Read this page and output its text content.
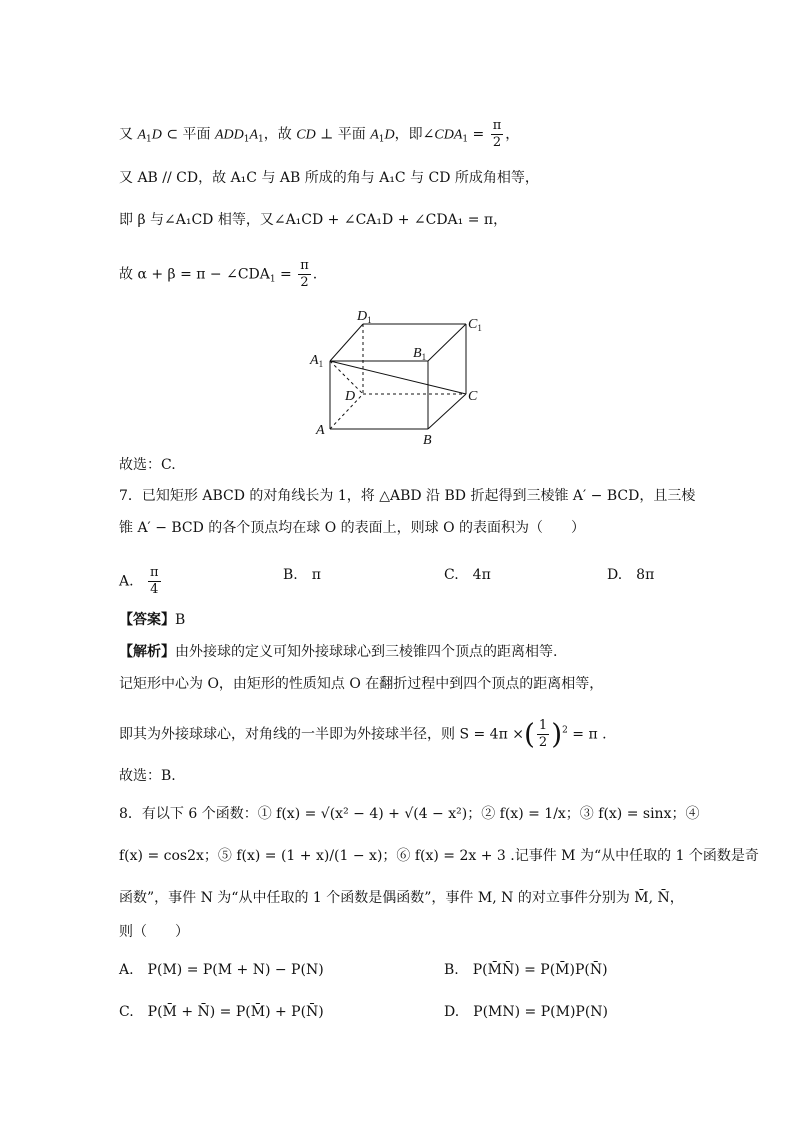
又 $A_1D$ ⊂ 平面 $ADD_1A_1$，故 CD ⊥ 平面 $A_1D$，即$\angle CDA_1 = \frac{\pi}{2}$ ，
又 AB // CD，故 A₁C 与 AB 所成的角与 A₁C 与 CD 所成角相等，
即 β 与∠A₁CD 相等，又∠A₁CD + ∠CA₁D + ∠CDA₁ = π，
故 $\alpha + \beta = \pi - \angle CDA_1 = \frac{\pi}{2}$ .
$D_1$	$C_1$
$B_1$
$A_1$
D	C
A
B
故选：C.
7．已知矩形 ABCD 的对角线长为 1，将 △ABD 沿 BD 折起得到三棱锥 A′ − BCD，且三棱
锥 A′ − BCD 的各个顶点均在球 O 的表面上，则球 O 的表面积为（　　）
A. $\frac{\pi}{4}$	B.　π	C.　4π	D.　8π
【答案】B
【解析】由外接球的定义可知外接球球心到三棱锥四个顶点的距离相等.
记矩形中心为 O，由矩形的性质知点 O 在翻折过程中到四个顶点的距离相等，
即其为外接球球心，对角线的一半即为外接球半径，则 S = 4π ×( $\frac{1}{2} )^2 = \pi$ .
故选：B.
8．有以下 6 个函数：① f(x) = √(x² − 4) + √(4 − x²)；② f(x) = 1/x；③ f(x) = sinx；④
f(x) = cos2x；⑤ f(x) = (1 + x)/(1 − x)；⑥ f(x) = 2x + 3 .记事件 M 为“从中任取的 1 个函数是奇
函数”，事件 N 为“从中任取的 1 个函数是偶函数”，事件 M, N 的对立事件分别为 M̄, N̄，
则（　　）
A.　P(M) = P(M + N) − P(N)	B.　P(M̄N̄) = P(M̄)P(N̄)
C.　P(M̄ + N̄) = P(M̄) + P(N̄)	D.　P(MN) = P(M)P(N)
